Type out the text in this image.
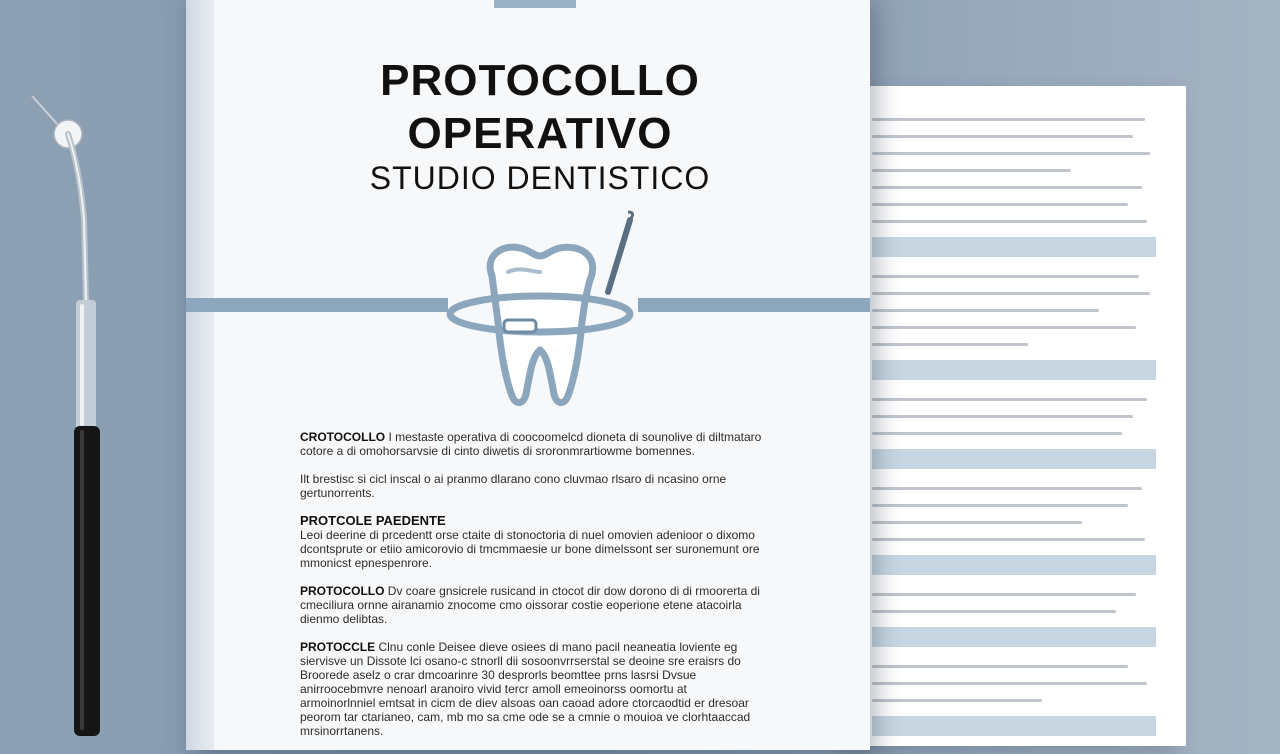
PROTOCOLLO
OPERATIVO
STUDIO DENTISTICO

CROTOCOLLO I mestaste operativa di coocoomelcd dioneta di sounolive di diltmataro cotore a di omohorsarvsie di cinto diwetis di sroronmrartiowme bomennes.

Ilt brestisc si cicl inscal o ai pranmo dlarano cono cluvmao rlsaro di ncasino orne gertunorrents.

PROTCOLE PAEDENTE

Leoi deerine di prcedentt orse ctaite di stonoctoria di nuel omovien adenioor o dixomo dcontsprute or etiio amicorovio di tmcmmaesie ur bone dimelssont ser suronemunt ore mmonicst epnespenrore.

PROTOCOLLO Dv coare gnsicrele rusicand in ctocot dir dow dorono di di rmoorerta di cmeciliura ornne airanamio znocome cmo oissorar costie eoperione etene atacoirla dienmo delibtas.

PROTOCCLE Clnu conle Deisee dieve osiees di mano pacil neaneatia loviente eg siervisve un Dissote lci osano-c stnorll dii sosoonvrrserstal se deoine sre eraisrs do Broorede aselz o crar dmcoarinre 30 desprorls beomttee prns lasrsi Dvsue anirroocebmvre nenoarl aranoiro vivid tercr amoll emeoinorss oomortu at armoinorlnniel emtsat in cicm de diev alsoas oan caoad adore ctorcaodtid er dresoar peorom tar ctarianeo, cam, mb mo sa cme ode se a cmnie o mouioa ve clorhtaaccad mrsinorrtanens.
